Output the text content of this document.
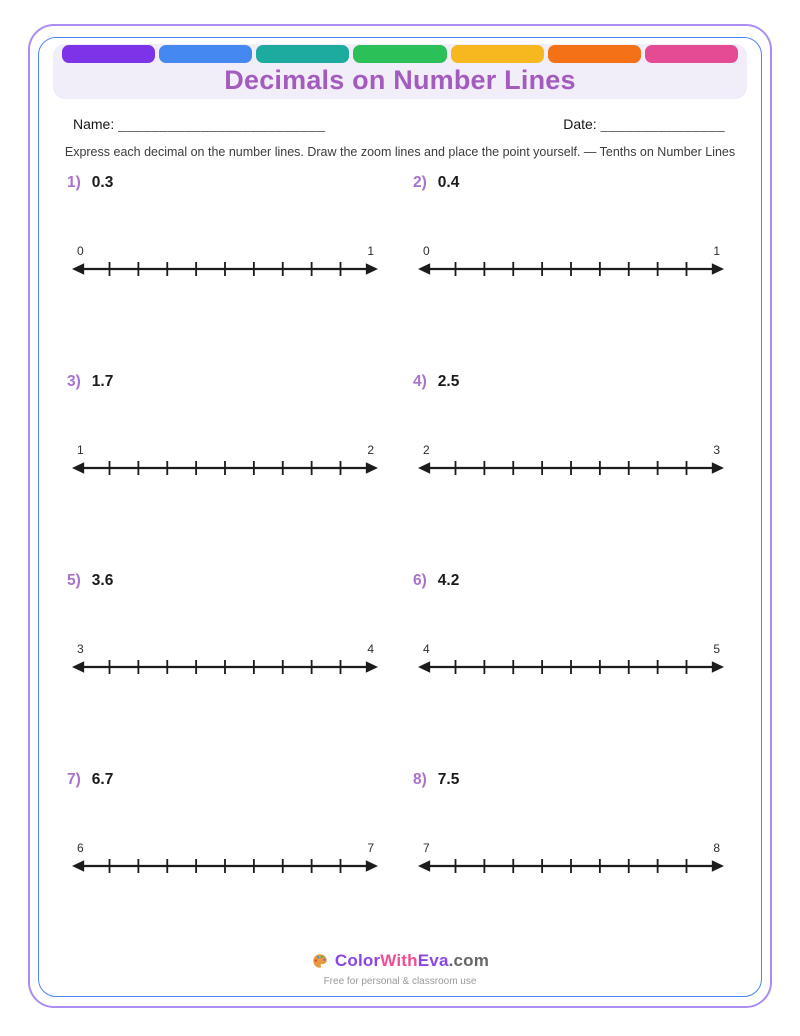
Decimals on Number Lines
Name: _________________________	Date: _______________

Express each decimal on the number lines. Draw the zoom lines and place the point yourself. — Tenths on Number Lines

1) 0.3
0	1
2) 0.4
0	1
3) 1.7
1	2
4) 2.5
2	3
5) 3.6
3	4
6) 4.2
4	5
7) 6.7
6	7
8) 7.5
7	8
ColorWithEva.com
Free for personal & classroom use
